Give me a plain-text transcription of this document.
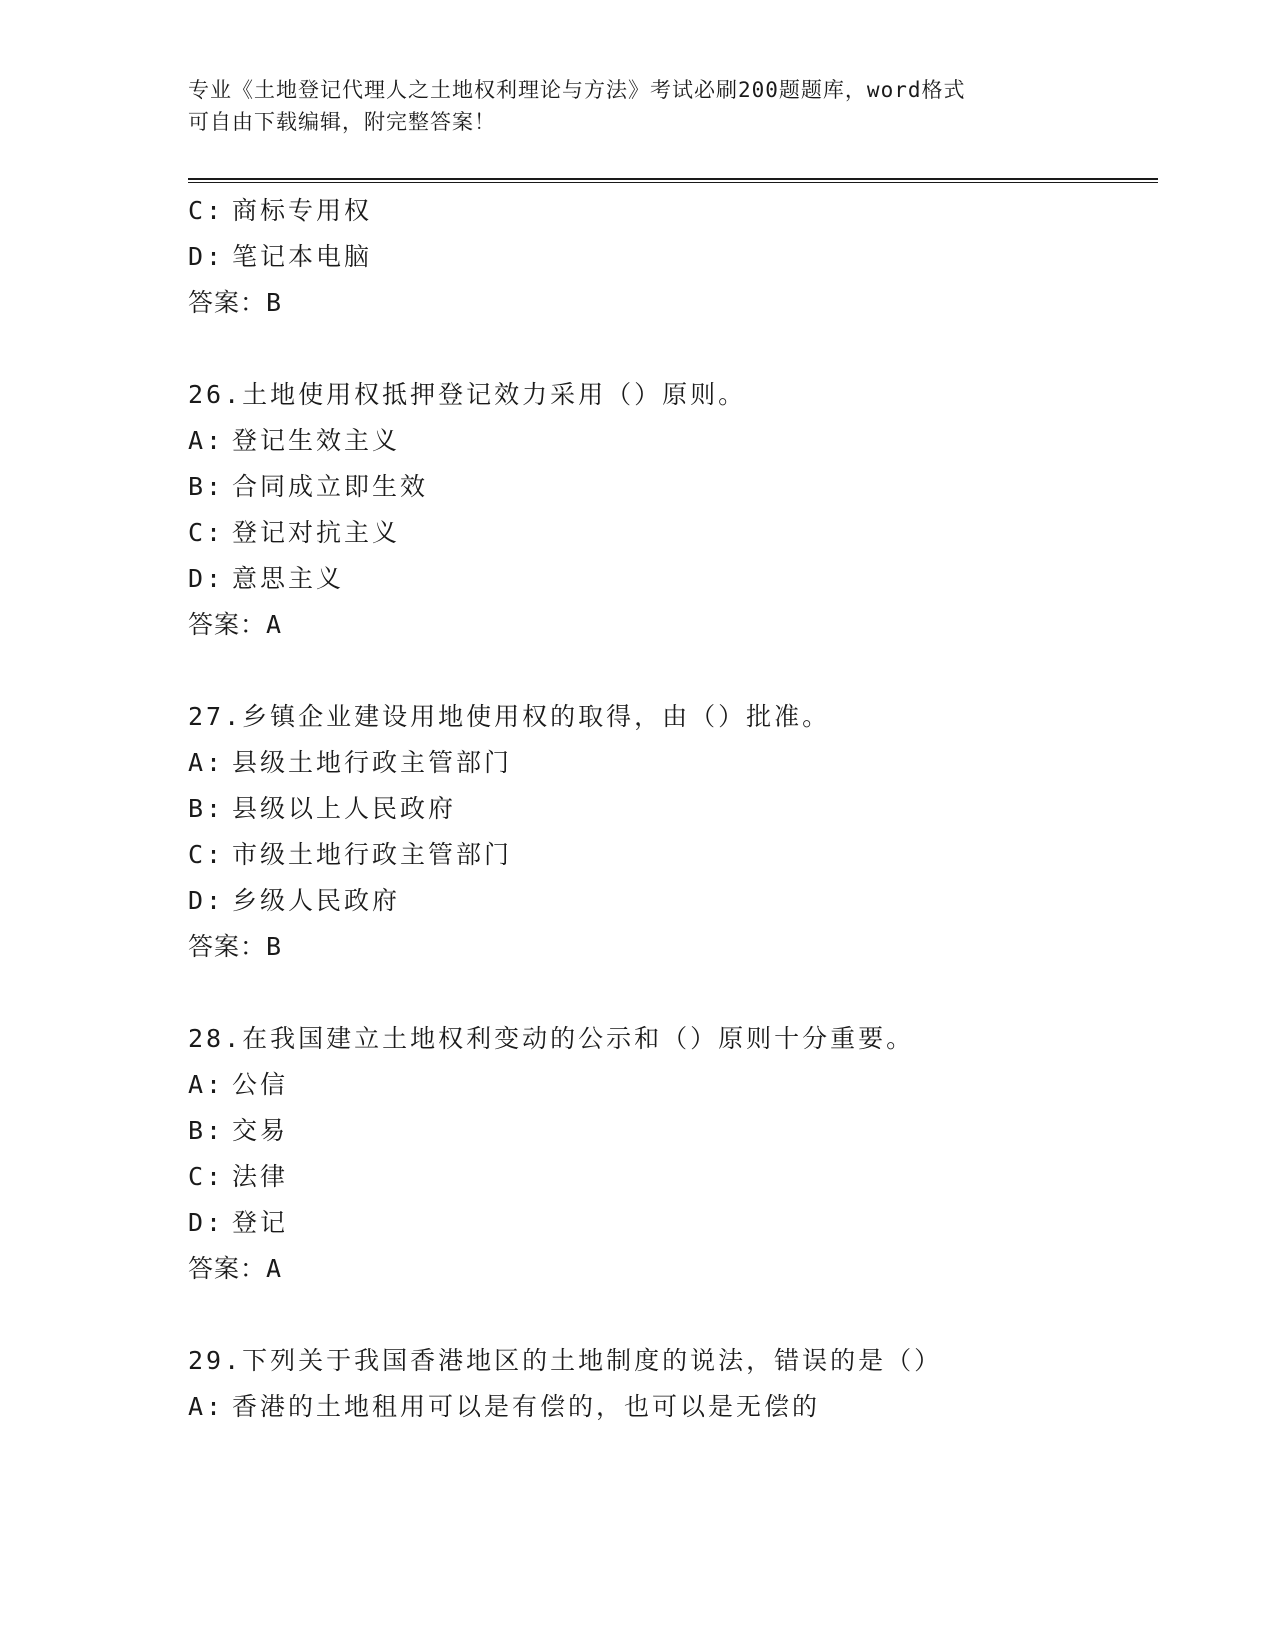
专业《土地登记代理人之土地权利理论与方法》考试必刷200题题库，word格式
可自由下载编辑，附完整答案！
C: 商标专用权
D: 笔记本电脑
答案：B
26.土地使用权抵押登记效力采用（）原则。
A: 登记生效主义
B: 合同成立即生效
C: 登记对抗主义
D: 意思主义
答案：A
27.乡镇企业建设用地使用权的取得，由（）批准。
A: 县级土地行政主管部门
B: 县级以上人民政府
C: 市级土地行政主管部门
D: 乡级人民政府
答案：B
28.在我国建立土地权利变动的公示和（）原则十分重要。
A: 公信
B: 交易
C: 法律
D: 登记
答案：A
29.下列关于我国香港地区的土地制度的说法，错误的是（）
A: 香港的土地租用可以是有偿的，也可以是无偿的
